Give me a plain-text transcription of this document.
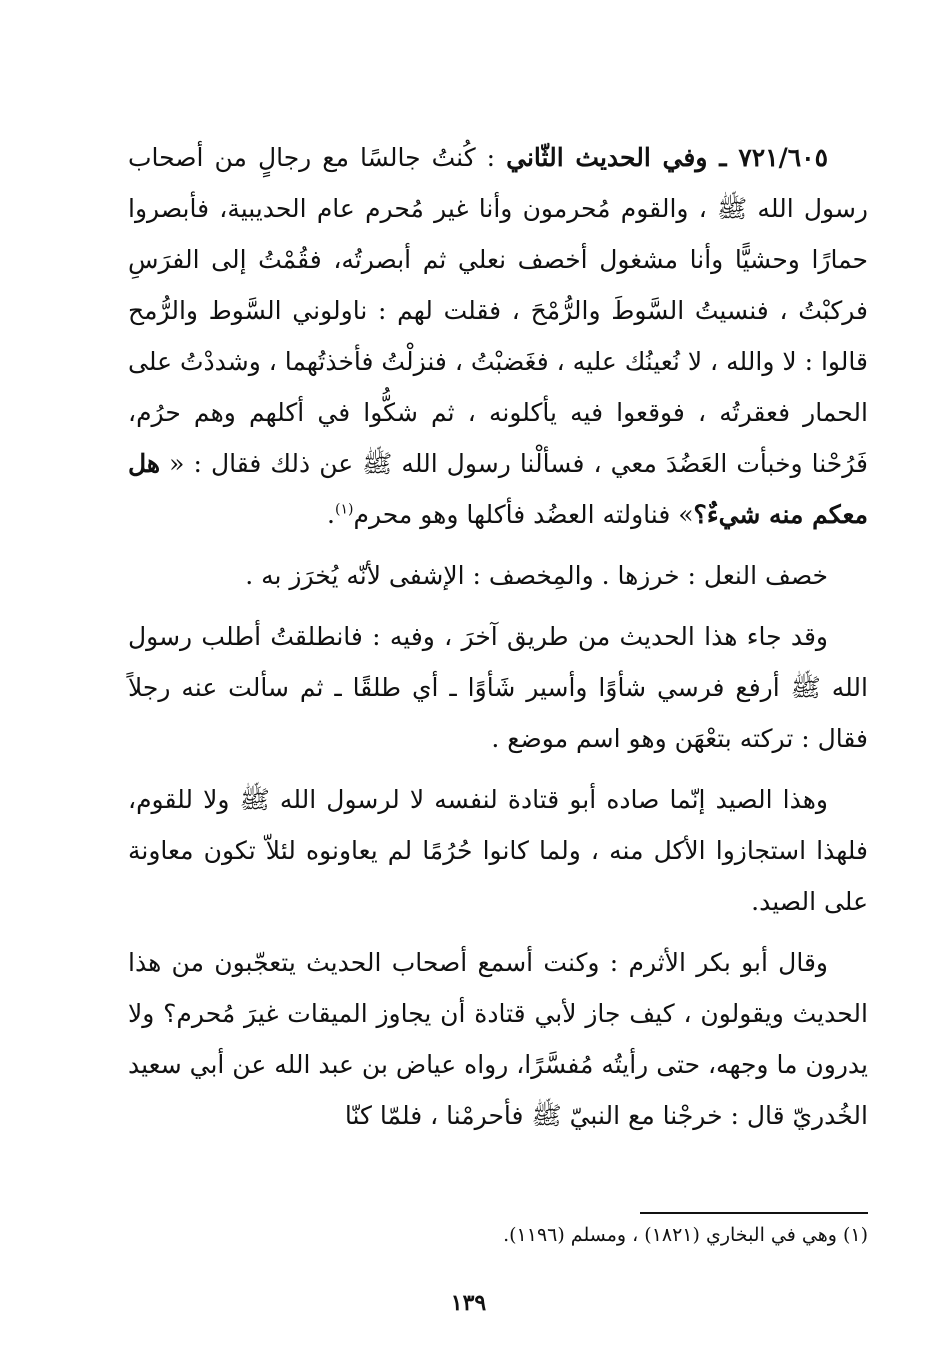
٧٢١/٦٠٥ ـ وفي الحديث الثّاني : كُنتُ جالسًا مع رجالٍ من أصحاب رسول الله ﷺ ، والقوم مُحرمون وأنا غير مُحرم عام الحديبية، فأبصروا حمارًا وحشيًّا وأنا مشغول أخصف نعلي ثم أبصرتُه، فقُمْتُ إلى الفرَسِ فركبْتُ ، فنسيتُ السَّوطَ والرُّمْحَ ، فقلت لهم : ناولوني السَّوط والرُّمح قالوا : لا والله ، لا نُعينُك عليه ، فغَضبْتُ ، فنزلْتُ فأخذتُهما ، وشددْتُ على الحمار فعقرتُه ، فوقعوا فيه يأكلونه ، ثم شكُّوا في أكلهم وهم حرُم، فَرُحْنا وخبأت العَضُدَ معي ، فسألْنا رسول الله ﷺ عن ذلك فقال : « هل معكم منه شيءٌ؟» فناولته العضُد فأكلها وهو محرم$^{(١)}$.

خصف النعل : خرزها . والمِخصف : الإشفى لأنّه يُخرَز به .

وقد جاء هذا الحديث من طريق آخرَ ، وفيه : فانطلقتُ أطلب رسول الله ﷺ أرفع فرسي شأوًا وأسير شَأوًا ـ أي طلقًا ـ ثم سألت عنه رجلاً فقال : تركته بتعْهَن وهو اسم موضع .

وهذا الصيد إنّما صاده أبو قتادة لنفسه لا لرسول الله ﷺ ولا للقوم، فلهذا استجازوا الأكل منه ، ولما كانوا حُرُمًا لم يعاونوه لئلاّ تكون معاونة على الصيد.

وقال أبو بكر الأثرم : وكنت أسمع أصحاب الحديث يتعجّبون من هذا الحديث ويقولون ، كيف جاز لأبي قتادة أن يجاوز الميقات غيرَ مُحرم؟ ولا يدرون ما وجهه، حتى رأيتُه مُفسَّرًا، رواه عياض بن عبد الله عن أبي سعيد الخُدريّ قال : خرجْنا مع النبيّ ﷺ فأحرمْنا ، فلمّا كنّا

(١) وهي في البخاري (١٨٢١) ، ومسلم (١١٩٦).
١٣٩
